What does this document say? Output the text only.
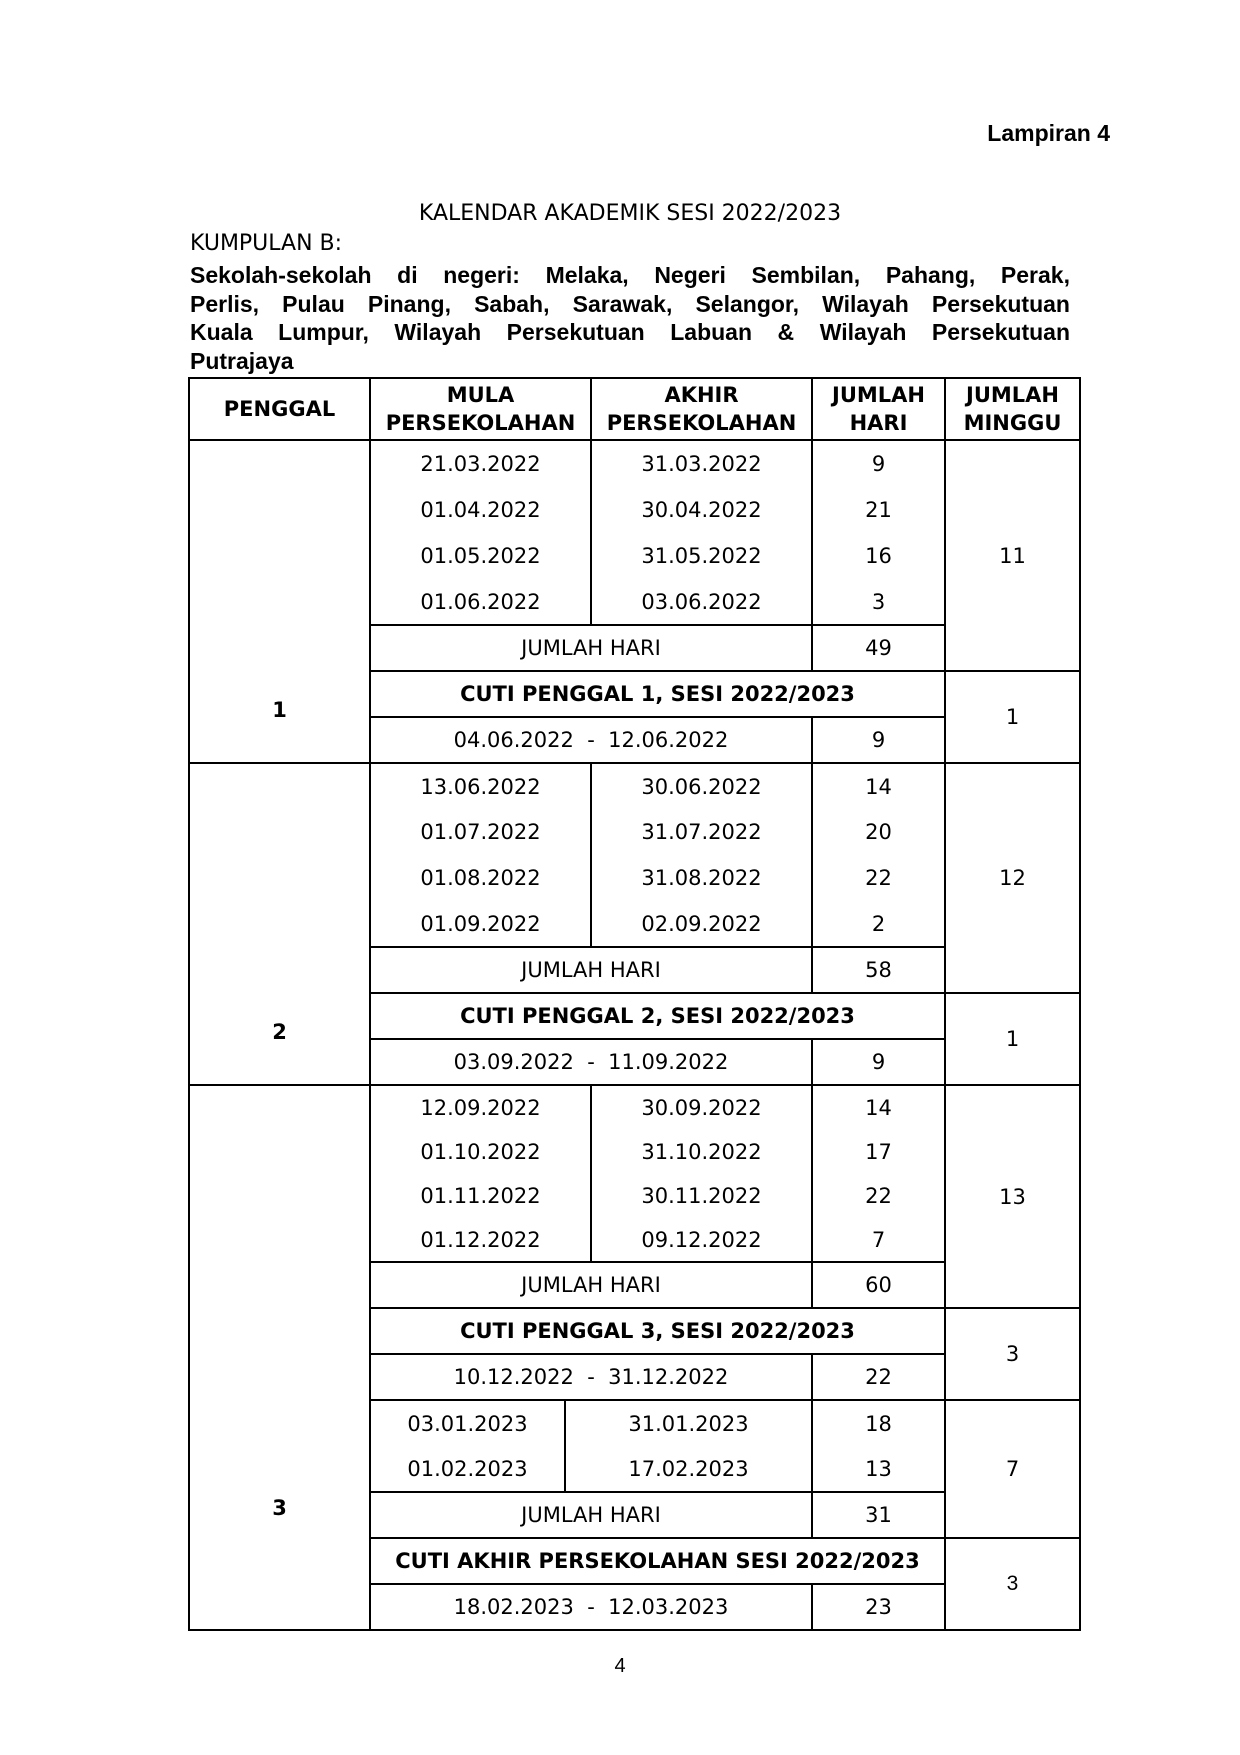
Lampiran 4
KALENDAR AKADEMIK SESI 2022/2023
KUMPULAN B:
Sekolah-sekolah di negeri: Melaka, Negeri Sembilan, Pahang, Perak,
Perlis, Pulau Pinang, Sabah, Sarawak, Selangor, Wilayah Persekutuan
Kuala Lumpur, Wilayah Persekutuan Labuan & Wilayah Persekutuan
Putrajaya
PENGGAL	MULA PERSEKOLAHAN		AKHIR PERSEKOLAHAN	JUMLAH HARI	JUMLAH MINGGU
1	21.03.2022		31.03.2022	9	11
	01.04.2022		30.04.2022	21	
	01.05.2022		31.05.2022	16	
	01.06.2022		03.06.2022	3	
	JUMLAH HARI			49	
	CUTI PENGGAL 1, SESI 2022/2023				1
	04.06.2022  -  12.06.2022			9	

2	13.06.2022		30.06.2022	14	12
	01.07.2022		31.07.2022	20	
	01.08.2022		31.08.2022	22	
	01.09.2022		02.09.2022	2	
	JUMLAH HARI			58	
	CUTI PENGGAL 2, SESI 2022/2023				1
	03.09.2022  -  11.09.2022			9	
3	12.09.2022		30.09.2022	14	13
	01.10.2022		31.10.2022	17	
	01.11.2022		30.11.2022	22	
	01.12.2022		09.12.2022	7	
	JUMLAH HARI			60	
	CUTI PENGGAL 3, SESI 2022/2023				3
	10.12.2022  -  31.12.2022			22	
	03.01.2023	31.01.2023		18	7
	01.02.2023	17.02.2023		13	
	JUMLAH HARI			31	
	CUTI AKHIR PERSEKOLAHAN SESI 2022/2023				3
	18.02.2023  -  12.03.2023			23	

4
